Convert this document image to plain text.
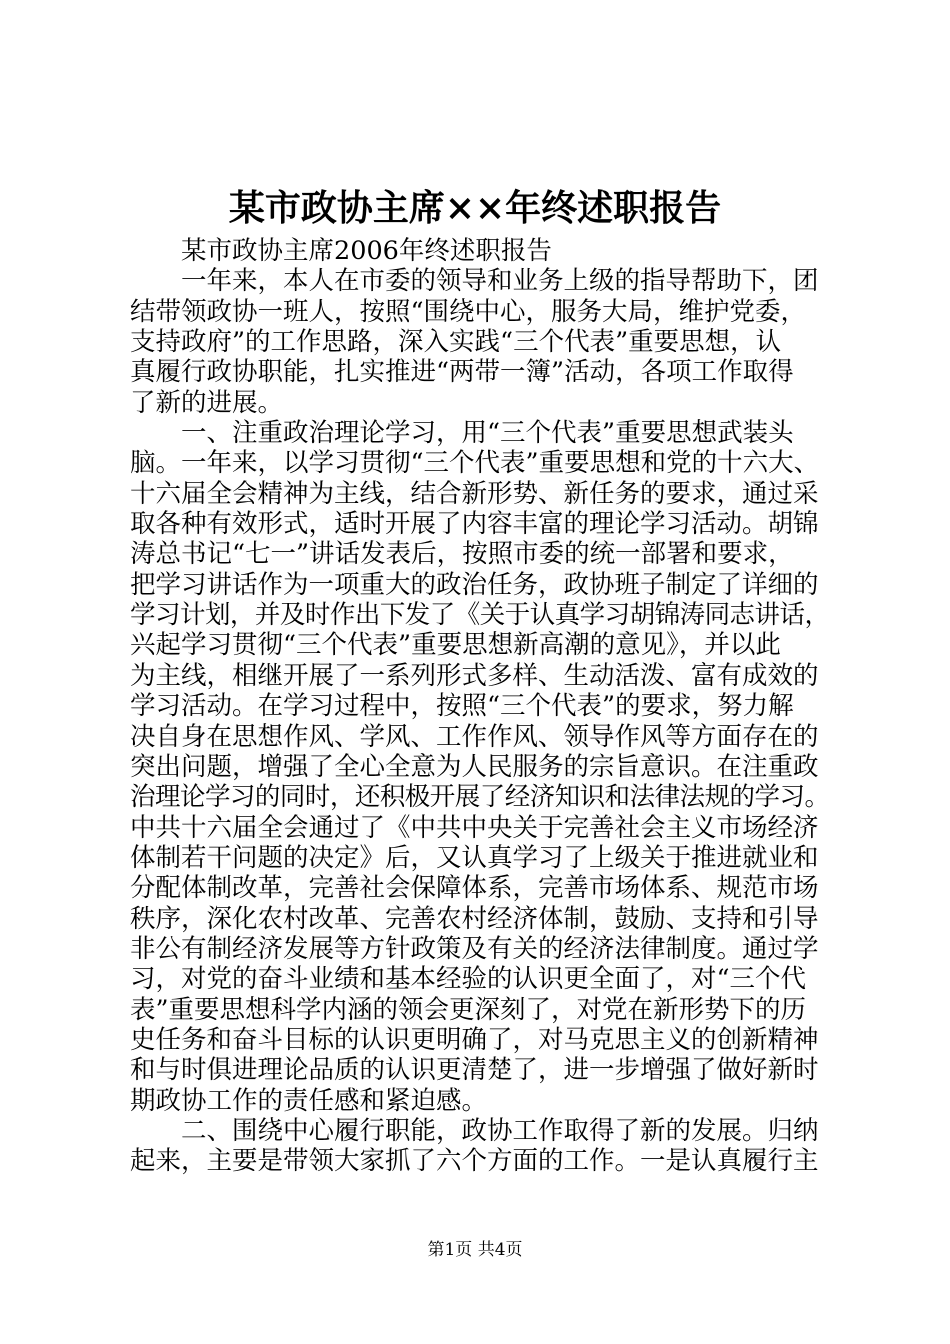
某市政协主席××年终述职报告
某市政协主席2006年终述职报告
一年来，本人在市委的领导和业务上级的指导帮助下，团
结带领政协一班人，按照“围绕中心，服务大局，维护党委，
支持政府”的工作思路，深入实践“三个代表”重要思想，认
真履行政协职能，扎实推进“两带一簿”活动，各项工作取得
了新的进展。
一、注重政治理论学习，用“三个代表”重要思想武装头
脑。一年来，以学习贯彻“三个代表”重要思想和党的十六大、
十六届全会精神为主线，结合新形势、新任务的要求，通过采
取各种有效形式，适时开展了内容丰富的理论学习活动。胡锦
涛总书记“七一”讲话发表后，按照市委的统一部署和要求，
把学习讲话作为一项重大的政治任务，政协班子制定了详细的
学习计划，并及时作出下发了《关于认真学习胡锦涛同志讲话，
兴起学习贯彻“三个代表”重要思想新高潮的意见》，并以此
为主线，相继开展了一系列形式多样、生动活泼、富有成效的
学习活动。在学习过程中，按照“三个代表”的要求，努力解
决自身在思想作风、学风、工作作风、领导作风等方面存在的
突出问题，增强了全心全意为人民服务的宗旨意识。在注重政
治理论学习的同时，还积极开展了经济知识和法律法规的学习。
中共十六届全会通过了《中共中央关于完善社会主义市场经济
体制若干问题的决定》后，又认真学习了上级关于推进就业和
分配体制改革，完善社会保障体系，完善市场体系、规范市场
秩序，深化农村改革、完善农村经济体制，鼓励、支持和引导
非公有制经济发展等方针政策及有关的经济法律制度。通过学
习，对党的奋斗业绩和基本经验的认识更全面了，对“三个代
表”重要思想科学内涵的领会更深刻了，对党在新形势下的历
史任务和奋斗目标的认识更明确了，对马克思主义的创新精神
和与时俱进理论品质的认识更清楚了，进一步增强了做好新时
期政协工作的责任感和紧迫感。
二、围绕中心履行职能，政协工作取得了新的发展。归纳
起来，主要是带领大家抓了六个方面的工作。一是认真履行主
第1页 共4页
